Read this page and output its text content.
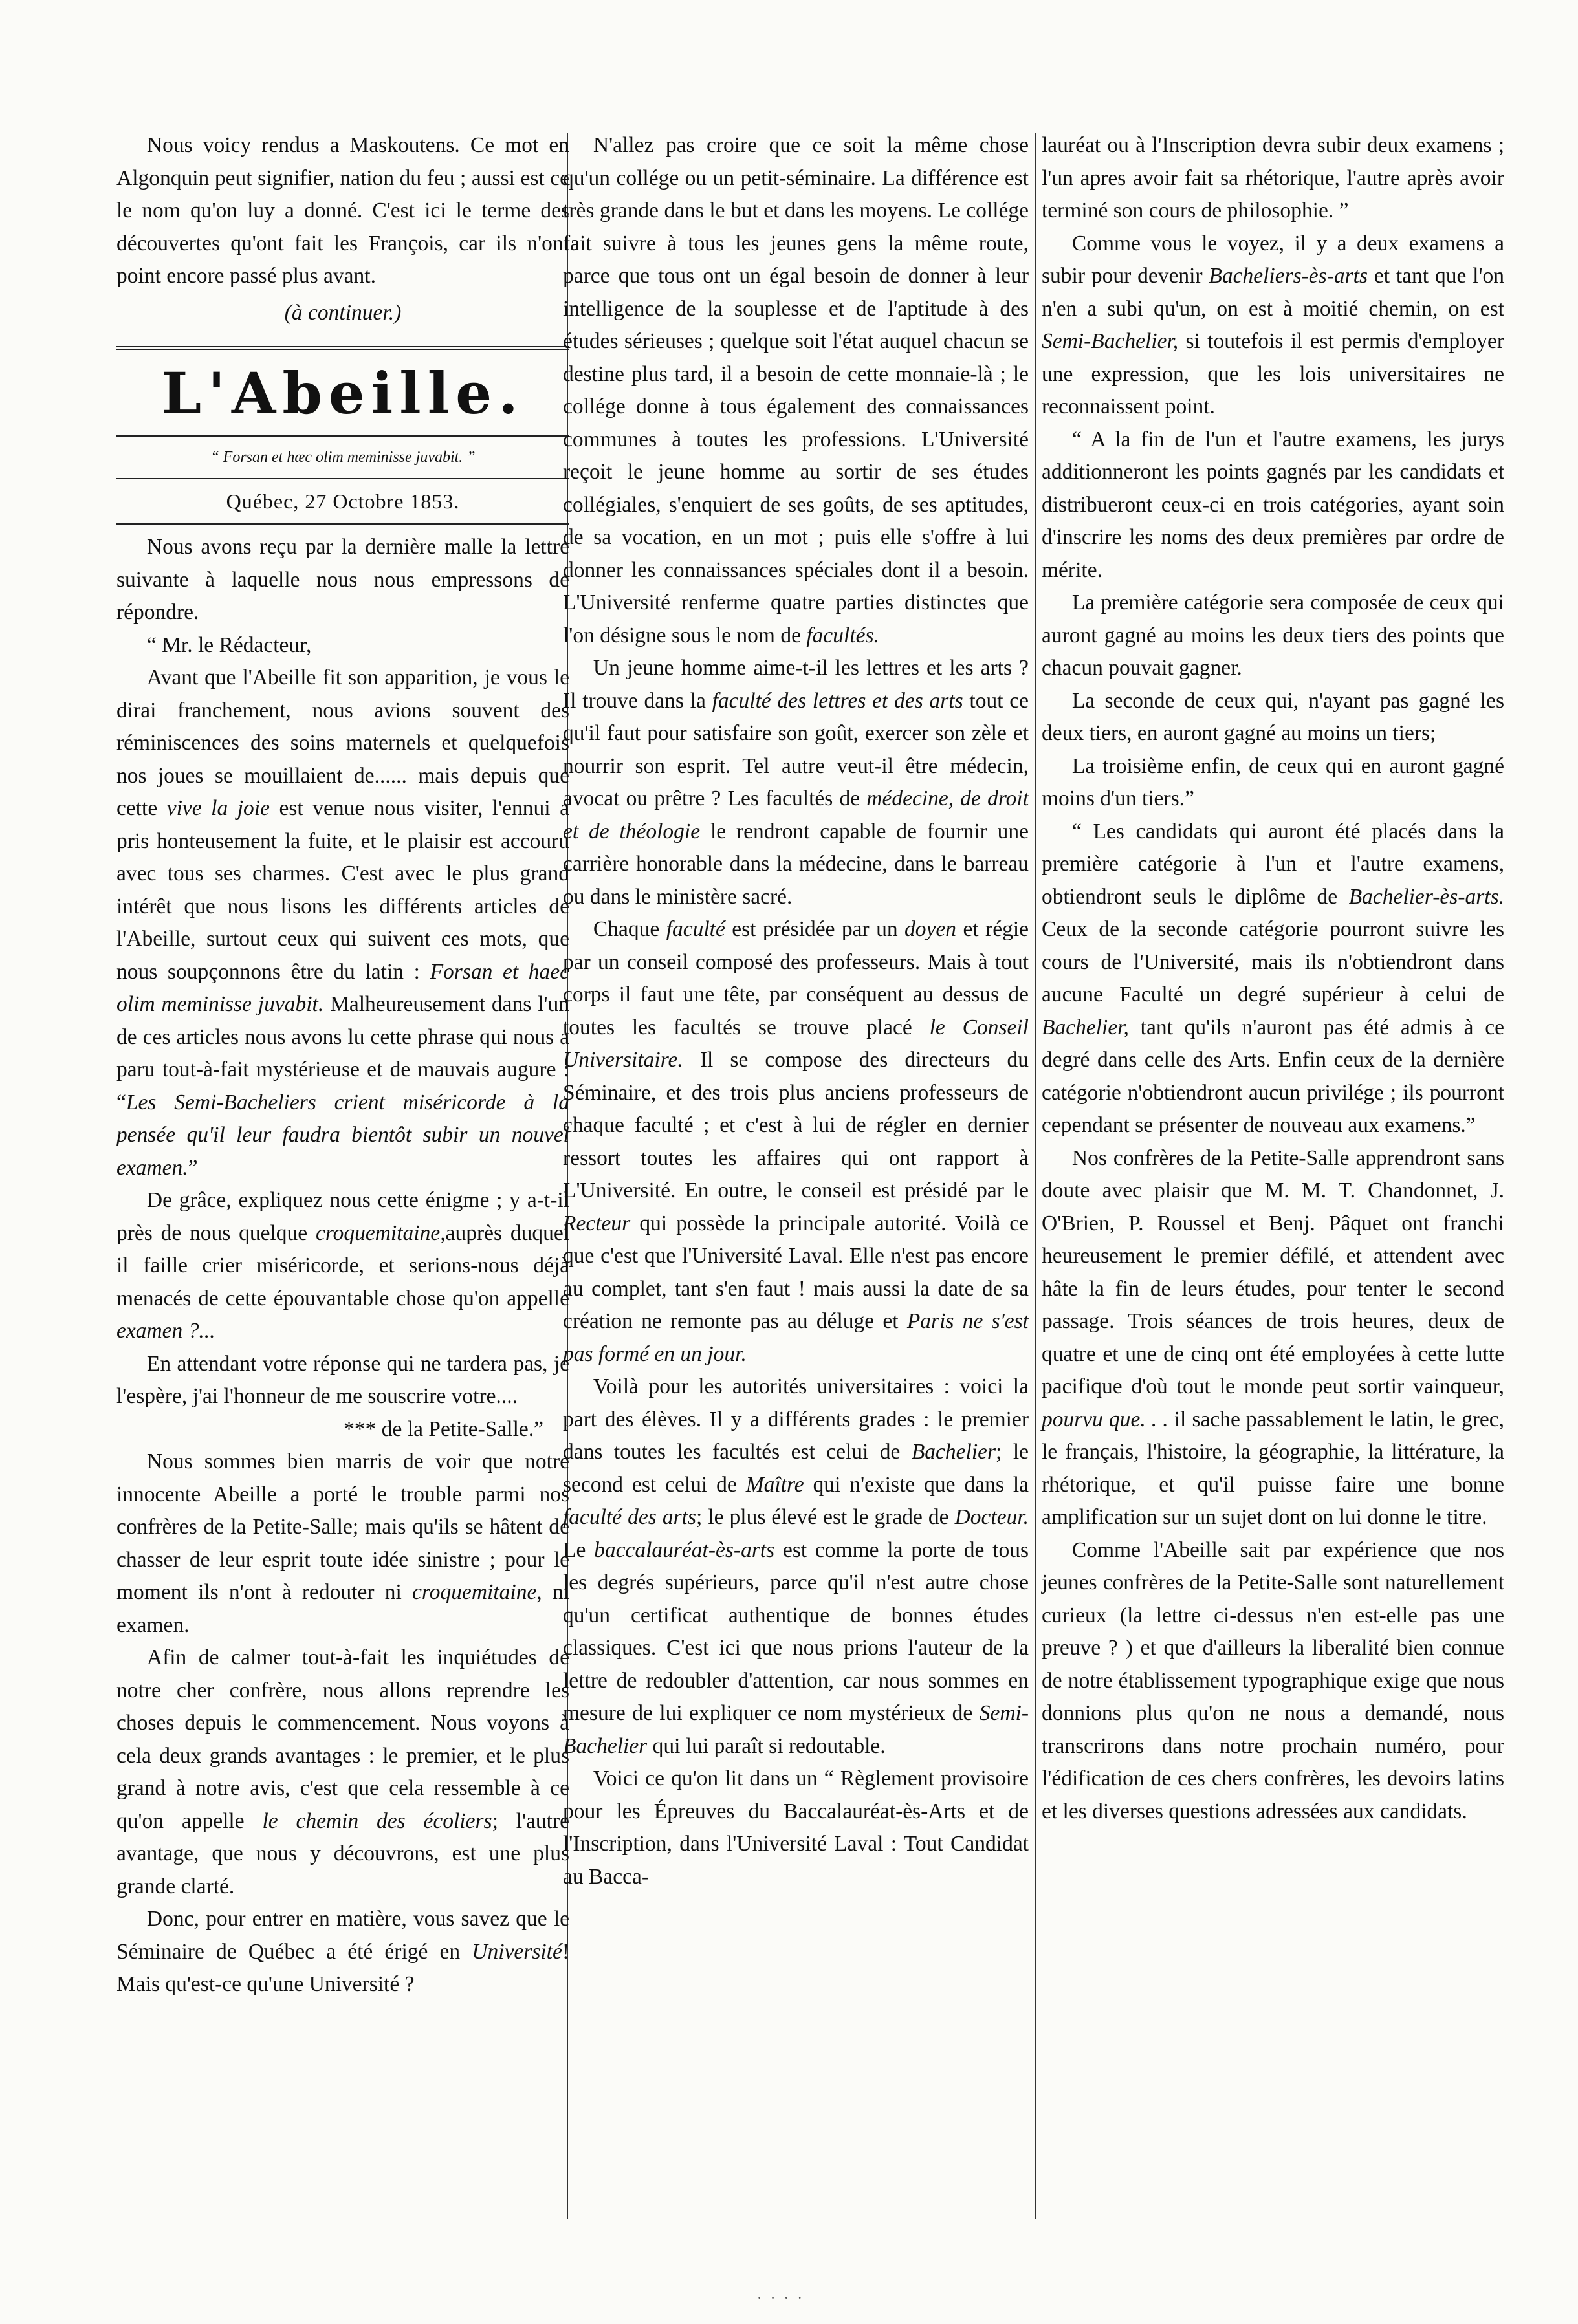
Nous voicy rendus a Maskoutens. Ce mot en Algonquin peut signifier, nation du feu ; aussi est ce le nom qu'on luy a donné. C'est ici le terme des découvertes qu'ont fait les François, car ils n'ont point encore passé plus avant.

(à continuer.)
L'Abeille.
“ Forsan et hæc olim meminisse juvabit. ”
Québec, 27 Octobre 1853.

Nous avons reçu par la dernière malle la lettre suivante à laquelle nous nous empressons de répondre.

“ Mr. le Rédacteur,

Avant que l'Abeille fit son apparition, je vous le dirai franchement, nous avions souvent des réminiscences des soins maternels et quelquefois nos joues se mouillaient de...... mais depuis que cette vive la joie est venue nous visiter, l'ennui a pris honteusement la fuite, et le plaisir est accouru avec tous ses charmes. C'est avec le plus grand intérêt que nous lisons les différents articles de l'Abeille, surtout ceux qui suivent ces mots, que nous soupçonnons être du latin : Forsan et haec olim meminisse juvabit. Malheureusement dans l'un de ces articles nous avons lu cette phrase qui nous a paru tout-à-fait mystérieuse et de mauvais augure : “Les Semi-Bacheliers crient miséricorde à la pensée qu'il leur faudra bientôt subir un nouvel examen.”

De grâce, expliquez nous cette énigme ; y a-t-il près de nous quelque croquemitaine,auprès duquel il faille crier miséricorde, et serions-nous déjà menacés de cette épouvantable chose qu'on appelle examen ?...

En attendant votre réponse qui ne tardera pas, je l'espère, j'ai l'honneur de me souscrire votre....

*** de la Petite-Salle.”

Nous sommes bien marris de voir que notre innocente Abeille a porté le trouble parmi nos confrères de la Petite-Salle; mais qu'ils se hâtent de chasser de leur esprit toute idée sinistre ; pour le moment ils n'ont à redouter ni croquemitaine, ni examen.

Afin de calmer tout-à-fait les inquiétudes de notre cher confrère, nous allons reprendre les choses depuis le commencement. Nous voyons à cela deux grands avantages : le premier, et le plus grand à notre avis, c'est que cela ressemble à ce qu'on appelle le chemin des écoliers; l'autre avantage, que nous y découvrons, est une plus grande clarté.

Donc, pour entrer en matière, vous savez que le Séminaire de Québec a été érigé en Université! Mais qu'est-ce qu'une Université ?

N'allez pas croire que ce soit la même chose qu'un collége ou un petit-séminaire. La différence est très grande dans le but et dans les moyens. Le collége fait suivre à tous les jeunes gens la même route, parce que tous ont un égal besoin de donner à leur intelligence de la souplesse et de l'aptitude à des études sérieuses ; quelque soit l'état auquel chacun se destine plus tard, il a besoin de cette monnaie-là ; le collége donne à tous également des connaissances communes à toutes les professions. L'Université reçoit le jeune homme au sortir de ses études collégiales, s'enquiert de ses goûts, de ses aptitudes, de sa vocation, en un mot ; puis elle s'offre à lui donner les connaissances spéciales dont il a besoin. L'Université renferme quatre parties distinctes que l'on désigne sous le nom de facultés.

Un jeune homme aime-t-il les lettres et les arts ? Il trouve dans la faculté des lettres et des arts tout ce qu'il faut pour satisfaire son goût, exercer son zèle et nourrir son esprit. Tel autre veut-il être médecin, avocat ou prêtre ? Les facultés de médecine, de droit et de théologie le rendront capable de fournir une carrière honorable dans la médecine, dans le barreau ou dans le ministère sacré.

Chaque faculté est présidée par un doyen et régie par un conseil composé des professeurs. Mais à tout corps il faut une tête, par conséquent au dessus de toutes les facultés se trouve placé le Conseil Universitaire. Il se compose des directeurs du Séminaire, et des trois plus anciens professeurs de chaque faculté ; et c'est à lui de régler en dernier ressort toutes les affaires qui ont rapport à L'Université. En outre, le conseil est présidé par le Recteur qui possède la principale autorité. Voilà ce que c'est que l'Université Laval. Elle n'est pas encore au complet, tant s'en faut ! mais aussi la date de sa création ne remonte pas au déluge et Paris ne s'est pas formé en un jour.

Voilà pour les autorités universitaires : voici la part des élèves. Il y a différents grades : le premier dans toutes les facultés est celui de Bachelier; le second est celui de Maître qui n'existe que dans la faculté des arts; le plus élevé est le grade de Docteur. Le baccalauréat-ès-arts est comme la porte de tous les degrés supérieurs, parce qu'il n'est autre chose qu'un certificat authentique de bonnes études classiques. C'est ici que nous prions l'auteur de la lettre de redoubler d'attention, car nous sommes en mesure de lui expliquer ce nom mystérieux de Semi-Bachelier qui lui paraît si redoutable.

Voici ce qu'on lit dans un “ Règlement provisoire pour les Épreuves du Baccalauréat-ès-Arts et de l'Inscription, dans l'Université Laval : Tout Candidat au Bacca-

lauréat ou à l'Inscription devra subir deux examens ; l'un apres avoir fait sa rhétorique, l'autre après avoir terminé son cours de philosophie. ”

Comme vous le voyez, il y a deux examens a subir pour devenir Bacheliers-ès-arts et tant que l'on n'en a subi qu'un, on est à moitié chemin, on est Semi-Bachelier, si toutefois il est permis d'employer une expression, que les lois universitaires ne reconnaissent point.

“ A la fin de l'un et l'autre examens, les jurys additionneront les points gagnés par les candidats et distribueront ceux-ci en trois catégories, ayant soin d'inscrire les noms des deux premières par ordre de mérite.

La première catégorie sera composée de ceux qui auront gagné au moins les deux tiers des points que chacun pouvait gagner.

La seconde de ceux qui, n'ayant pas gagné les deux tiers, en auront gagné au moins un tiers;

La troisième enfin, de ceux qui en auront gagné moins d'un tiers.”

“ Les candidats qui auront été placés dans la première catégorie à l'un et l'autre examens, obtiendront seuls le diplôme de Bachelier-ès-arts. Ceux de la seconde catégorie pourront suivre les cours de l'Université, mais ils n'obtiendront dans aucune Faculté un degré supérieur à celui de Bachelier, tant qu'ils n'auront pas été admis à ce degré dans celle des Arts. Enfin ceux de la dernière catégorie n'obtiendront aucun privilége ; ils pourront cependant se présenter de nouveau aux examens.”

Nos confrères de la Petite-Salle apprendront sans doute avec plaisir que M. M. T. Chandonnet, J. O'Brien, P. Roussel et Benj. Pâquet ont franchi heureusement le premier défilé, et attendent avec hâte la fin de leurs études, pour tenter le second passage. Trois séances de trois heures, deux de quatre et une de cinq ont été employées à cette lutte pacifique d'où tout le monde peut sortir vainqueur, pourvu que. . . il sache passablement le latin, le grec, le français, l'histoire, la géographie, la littérature, la rhétorique, et qu'il puisse faire une bonne amplification sur un sujet dont on lui donne le titre.

Comme l'Abeille sait par expérience que nos jeunes confrères de la Petite-Salle sont naturellement curieux (la lettre ci-dessus n'en est-elle pas une preuve ? ) et que d'ailleurs la liberalité bien connue de notre établissement typographique exige que nous donnions plus qu'on ne nous a demandé, nous transcrirons dans notre prochain numéro, pour l'édification de ces chers confrères, les devoirs latins et les diverses questions adressées aux candidats.

· · · ·
